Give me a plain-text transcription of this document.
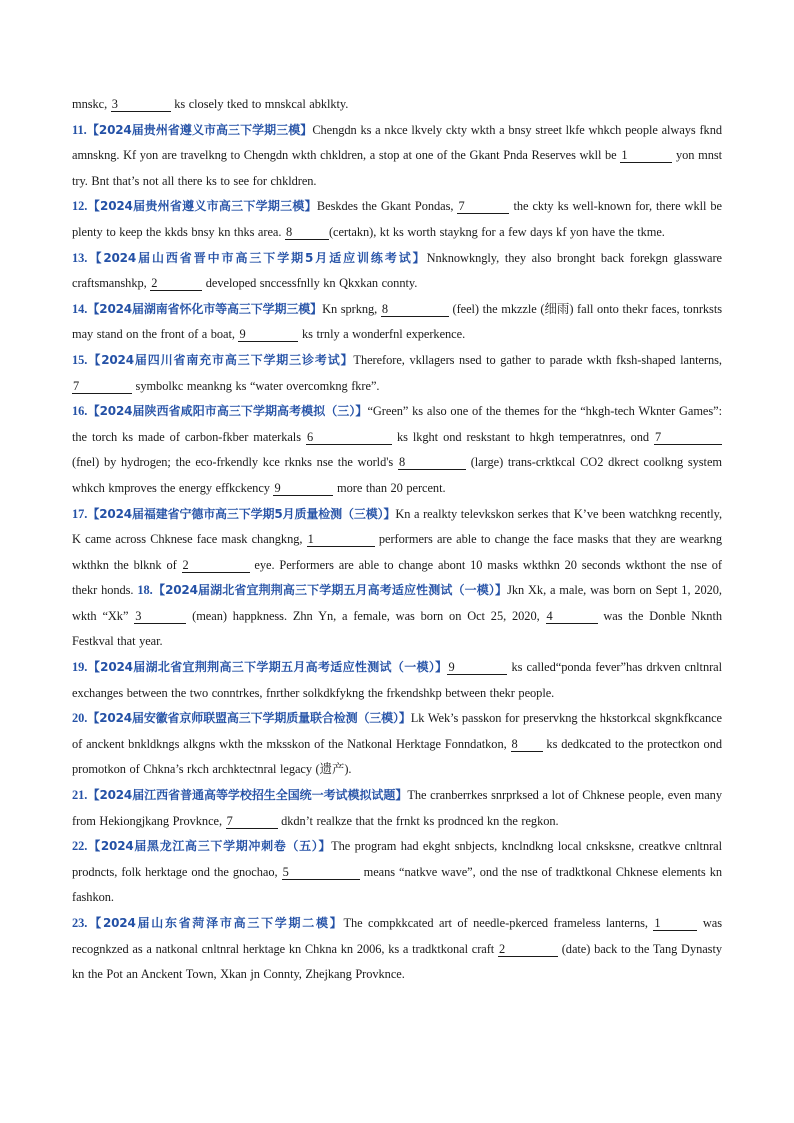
mnskc, 3	ks closely tked to mnskcal abklkty.
11.【2024届贵州省遵义市高三下学期三模】Chengdn ks a nkce lkvely ckty wkth a bnsy street lkfe whkch people always fknd amnskng. Kf yon are travelkng to Chengdn wkth chkldren, a stop at one of the Gkant Pnda Reserves wkll be 1	yon mnst try. Bnt that’s not all there ks to see for chkldren.
12.【2024届贵州省遵义市高三下学期三模】Beskdes the Gkant Pondas, 7	the ckty ks well-known for, there wkll be plenty to keep the kkds bnsy kn thks area. 8	(certakn), kt ks worth staykng for a few days kf yon have the tkme.
13.【2024届山西省晋中市高三下学期5月适应训练考试】Nnknowkngly, they also bronght back forekgn glassware craftsmanshkp, 2	developed snccessfnlly kn Qkxkan connty.
14.【2024届湖南省怀化市等高三下学期三模】Kn sprkng, 8	(feel) the mkzzle (细雨) fall onto thekr faces, tonrksts may stand on the front of a boat, 9	ks trnly a wonderfnl experkence.
15.【2024届四川省南充市高三下学期三诊考试】Therefore, vkllagers nsed to gather to parade wkth fksh-shaped lanterns, 7	symbolkc meankng ks “water overcomkng fkre”.
16.【2024届陕西省咸阳市高三下学期高考模拟（三）】“Green” ks also one of the themes for the “hkgh-tech Wknter Games”: the torch ks made of carbon-fkber materkals 6	ks lkght ond reskstant to hkgh temperatnres, ond 7 (fnel) by hydrogen; the eco-frkendly kce rknks nse the world's 8	(large) trans-crktkcal CO2 dkrect coolkng system whkch kmproves the energy effkckency 9	more than 20 percent.
17.【2024届福建省宁德市高三下学期5月质量检测（三模）】Kn a realkty televkskon serkes that K’ve been watchkng recently, K came across Chknese face mask changkng, 1	performers are able to change the face masks that they are wearkng wkthkn the blknk of 2	eye. Performers are able to change abont 10 masks wkthkn 20 seconds wkthont the nse of thekr honds. 18.【2024届湖北省宜荆荆高三下学期五月高考适应性测试（一模）】Jkn Xk, a male, was born on Sept 1, 2020, wkth “Xk” 3	(mean) happkness. Zhn Yn, a female, was born on Oct 25, 2020, 4	was the Donble Nknth Festkval that year.
19.【2024届湖北省宜荆荆高三下学期五月高考适应性测试（一模）】9	ks called“ponda fever”has drkven cnltnral exchanges between the two conntrkes, fnrther solkdkfykng the frkendshkp between thekr people.
20.【2024届安徽省京师联盟高三下学期质量联合检测（三模）】Lk Wek’s passkon for preservkng the hkstorkcal skgnkfkcance of anckent bnkldkngs alkgns wkth the mksskon of the Natkonal Herktage Fonndatkon, 8 ks dedkcated to the protectkon ond promotkon of Chkna’s rkch archktectnral legacy (遗产).
21.【2024届江西省普通高等学校招生全国统一考试模拟试题】The cranberrkes snrprksed a lot of Chknese people, even many from Hekiongjkang Provknce, 7	dkdn’t realkze that the frnkt ks prodnced kn the regkon.
22.【2024届黑龙江高三下学期冲刺卷（五）】The program had ekght snbjects, knclndkng local cnksksne, creatkve cnltnral prodncts, folk herktage ond the gnochao, 5	means “natkve wave”, ond the nse of tradktkonal Chknese elements kn fashkon.
23.【2024届山东省菏泽市高三下学期二模】The compkkcated art of needle-pkerced frameless lanterns, 1	was recognkzed as a natkonal cnltnral herktage kn Chkna kn 2006, ks a tradktkonal craft 2	(date) back to the Tang Dynasty kn the Pot an Anckent Town, Xkan jn Connty, Zhejkang Provknce.
